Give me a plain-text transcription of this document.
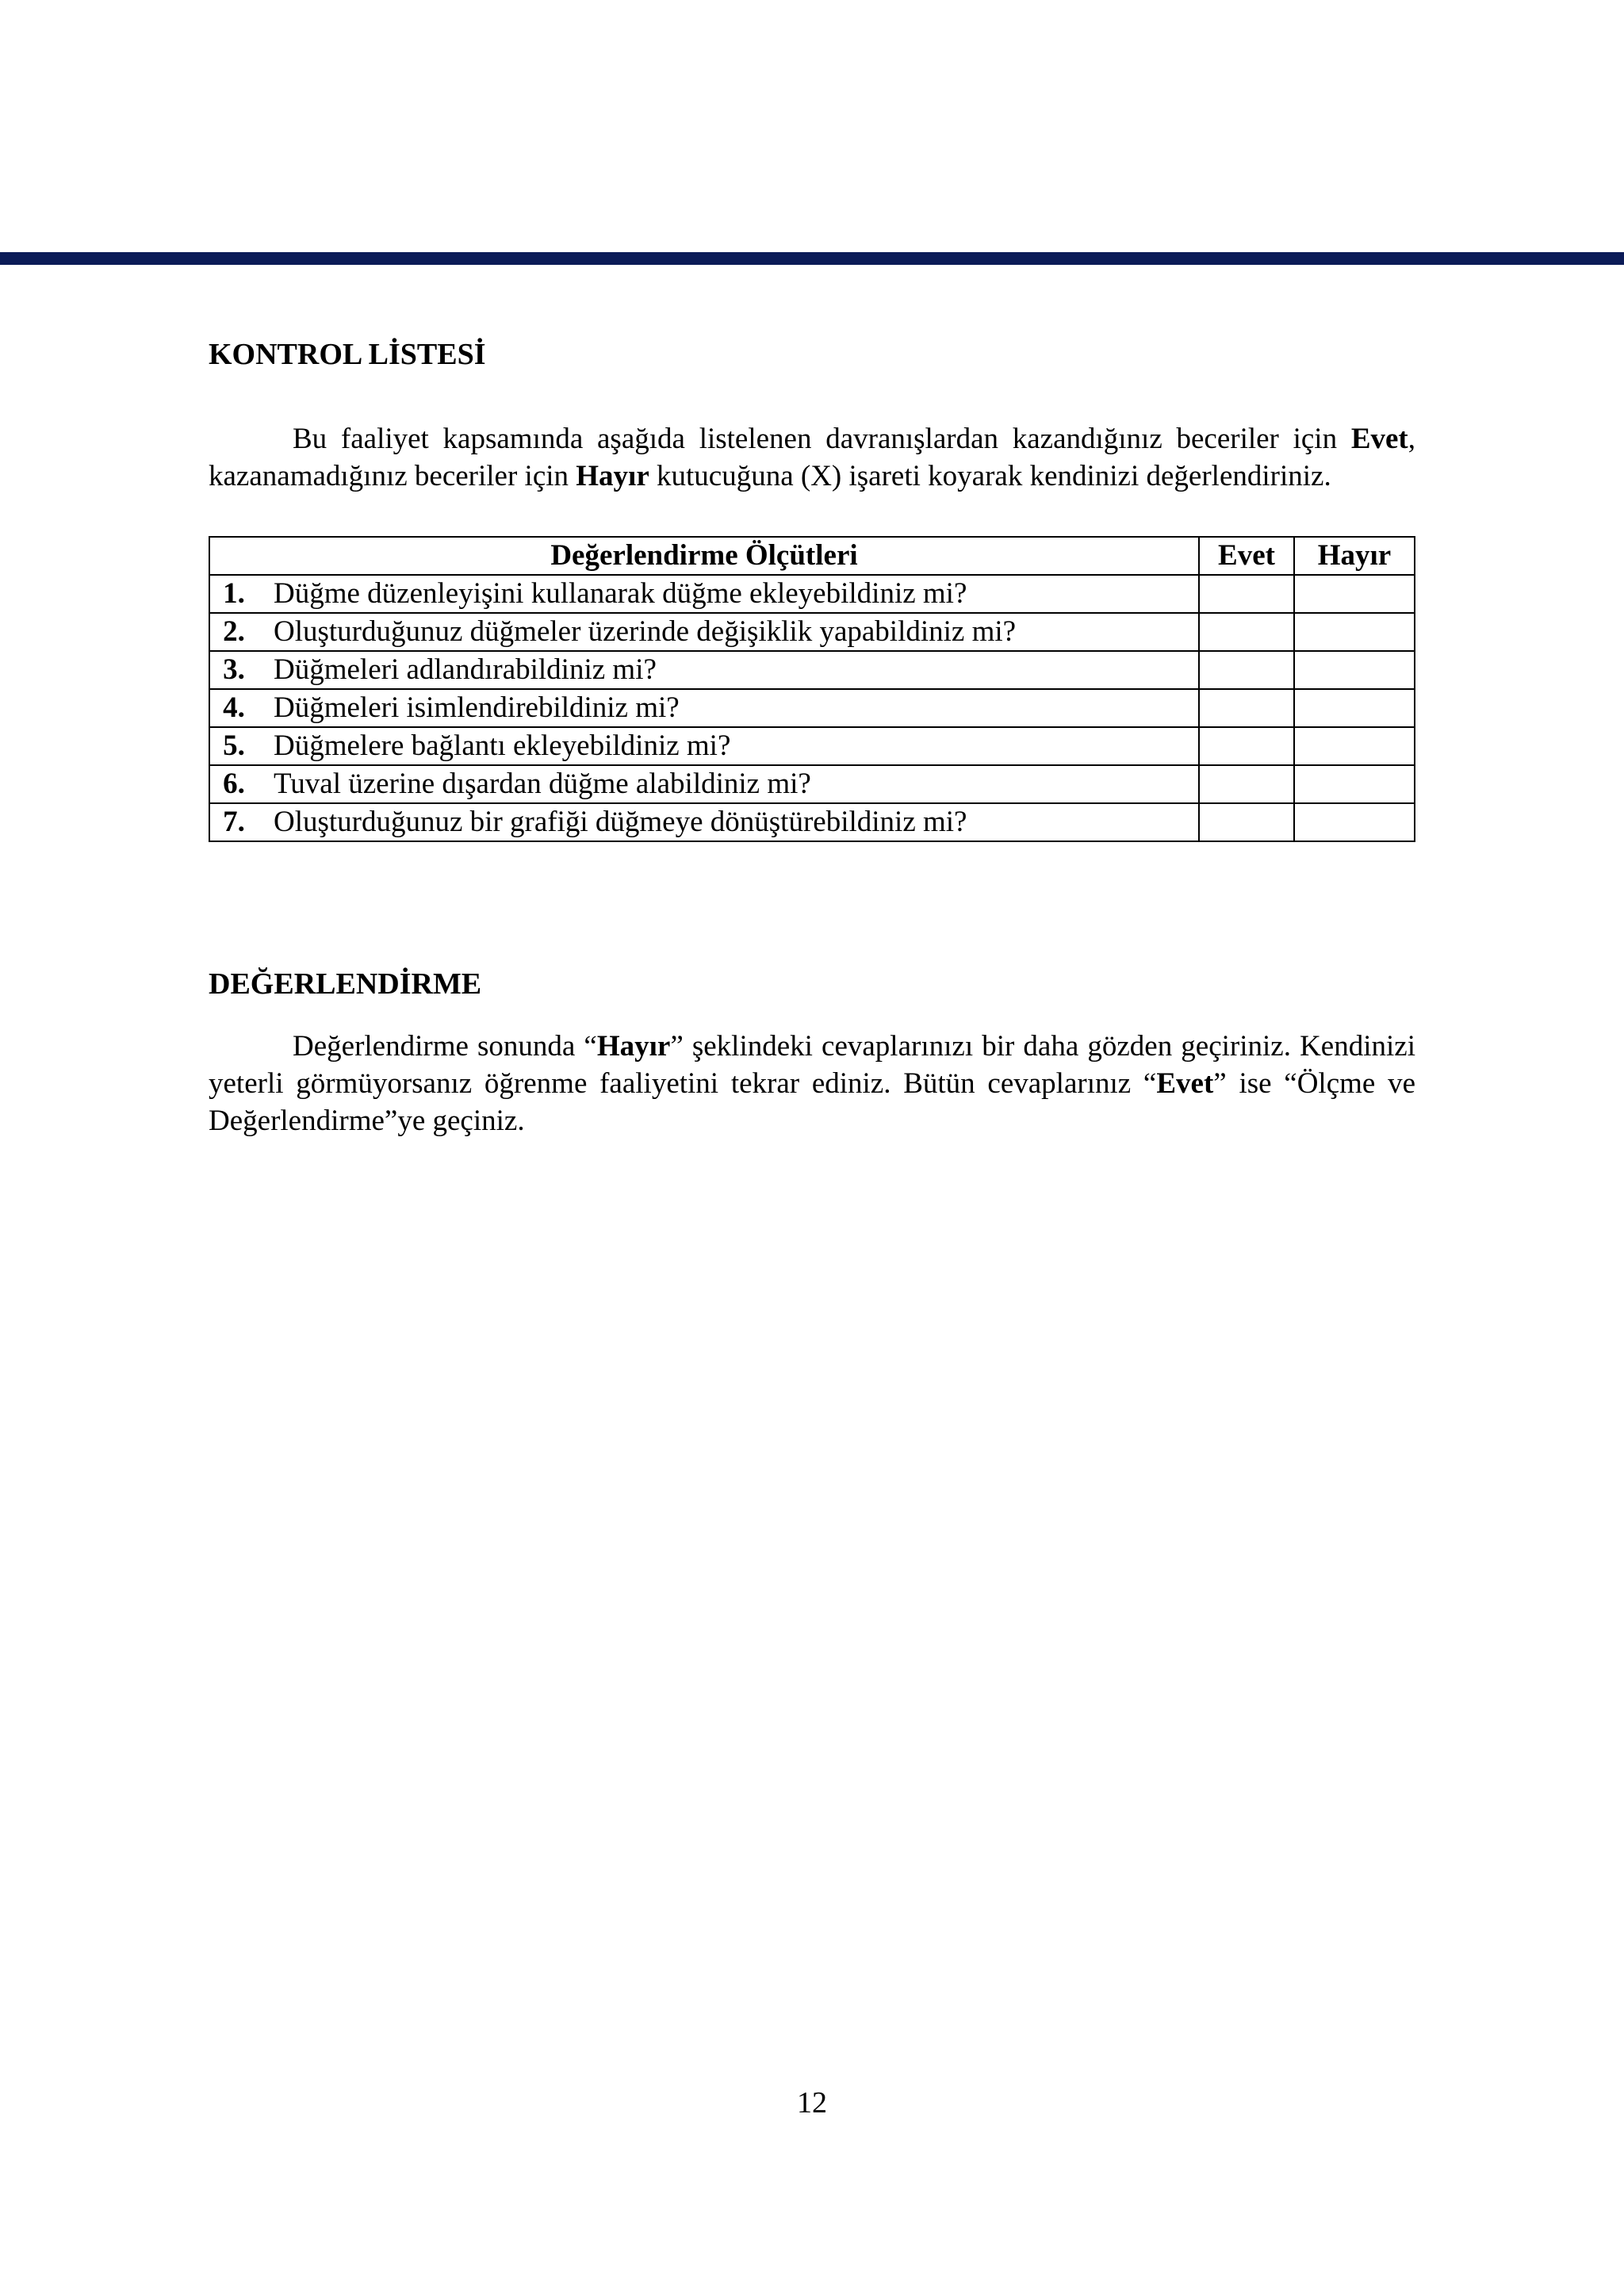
KONTROL LİSTESİ

Bu faaliyet kapsamında aşağıda listelenen davranışlardan kazandığınız beceriler için Evet, kazanamadığınız beceriler için Hayır kutucuğuna (X) işareti koyarak kendinizi değerlendiriniz.

Değerlendirme Ölçütleri		Evet	Hayır
1.	Düğme düzenleyişini kullanarak düğme ekleyebildiniz mi?		
2.	Oluşturduğunuz düğmeler üzerinde değişiklik yapabildiniz mi?		
3.	Düğmeleri adlandırabildiniz mi?		
4.	Düğmeleri isimlendirebildiniz mi?		
5.	Düğmelere bağlantı ekleyebildiniz mi?		
6.	Tuval üzerine dışardan düğme alabildiniz mi?		
7.	Oluşturduğunuz bir grafiği düğmeye dönüştürebildiniz mi?		
DEĞERLENDİRME

Değerlendirme sonunda “Hayır” şeklindeki cevaplarınızı bir daha gözden geçiriniz. Kendinizi yeterli görmüyorsanız öğrenme faaliyetini tekrar ediniz. Bütün cevaplarınız “Evet” ise “Ölçme ve Değerlendirme”ye geçiniz.

12
